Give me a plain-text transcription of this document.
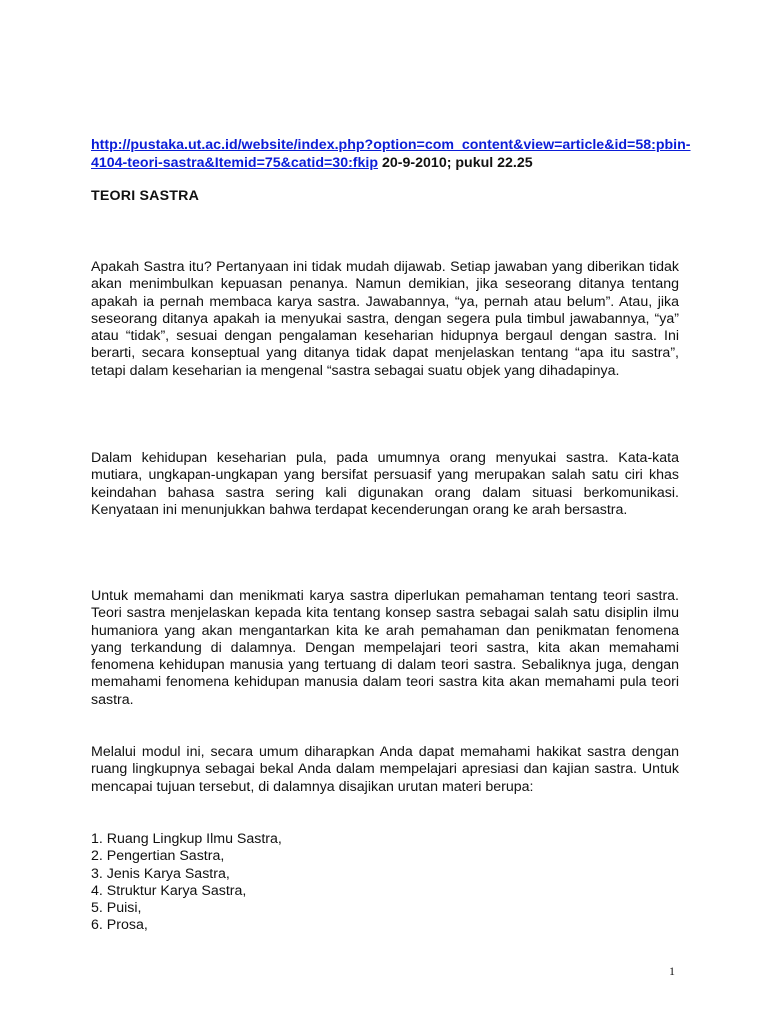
http://pustaka.ut.ac.id/website/index.php?option=com_content&view=article&id=58:pbin-4104-teori-sastra&Itemid=75&catid=30:fkip 20-9-2010; pukul 22.25
TEORI SASTRA

Apakah Sastra itu? Pertanyaan ini tidak mudah dijawab. Setiap jawaban yang diberikan tidak akan menimbulkan kepuasan penanya. Namun demikian, jika seseorang ditanya tentang apakah ia pernah membaca karya sastra. Jawabannya, “ya, pernah atau belum”. Atau, jika seseorang ditanya apakah ia menyukai sastra, dengan segera pula timbul jawabannya, “ya” atau “tidak”, sesuai dengan pengalaman keseharian hidupnya bergaul dengan sastra. Ini berarti, secara konseptual yang ditanya tidak dapat menjelaskan tentang “apa itu sastra”, tetapi dalam keseharian ia mengenal “sastra sebagai suatu objek yang dihadapinya.

Dalam kehidupan keseharian pula, pada umumnya orang menyukai sastra. Kata-kata mutiara, ungkapan-ungkapan yang bersifat persuasif yang merupakan salah satu ciri khas keindahan bahasa sastra sering kali digunakan orang dalam situasi berkomunikasi. Kenyataan ini menunjukkan bahwa terdapat kecenderungan orang ke arah bersastra.

Untuk memahami dan menikmati karya sastra diperlukan pemahaman tentang teori sastra. Teori sastra menjelaskan kepada kita tentang konsep sastra sebagai salah satu disiplin ilmu humaniora yang akan mengantarkan kita ke arah pemahaman dan penikmatan fenomena yang terkandung di dalamnya. Dengan mempelajari teori sastra, kita akan memahami fenomena kehidupan manusia yang tertuang di dalam teori sastra. Sebaliknya juga, dengan memahami fenomena kehidupan manusia dalam teori sastra kita akan memahami pula teori sastra.

Melalui modul ini, secara umum diharapkan Anda dapat memahami hakikat sastra dengan ruang lingkupnya sebagai bekal Anda dalam mempelajari apresiasi dan kajian sastra. Untuk mencapai tujuan tersebut, di dalamnya disajikan urutan materi berupa:

1. Ruang Lingkup Ilmu Sastra,
2. Pengertian Sastra,
3. Jenis Karya Sastra,
4. Struktur Karya Sastra,
5. Puisi,
6. Prosa,
1
